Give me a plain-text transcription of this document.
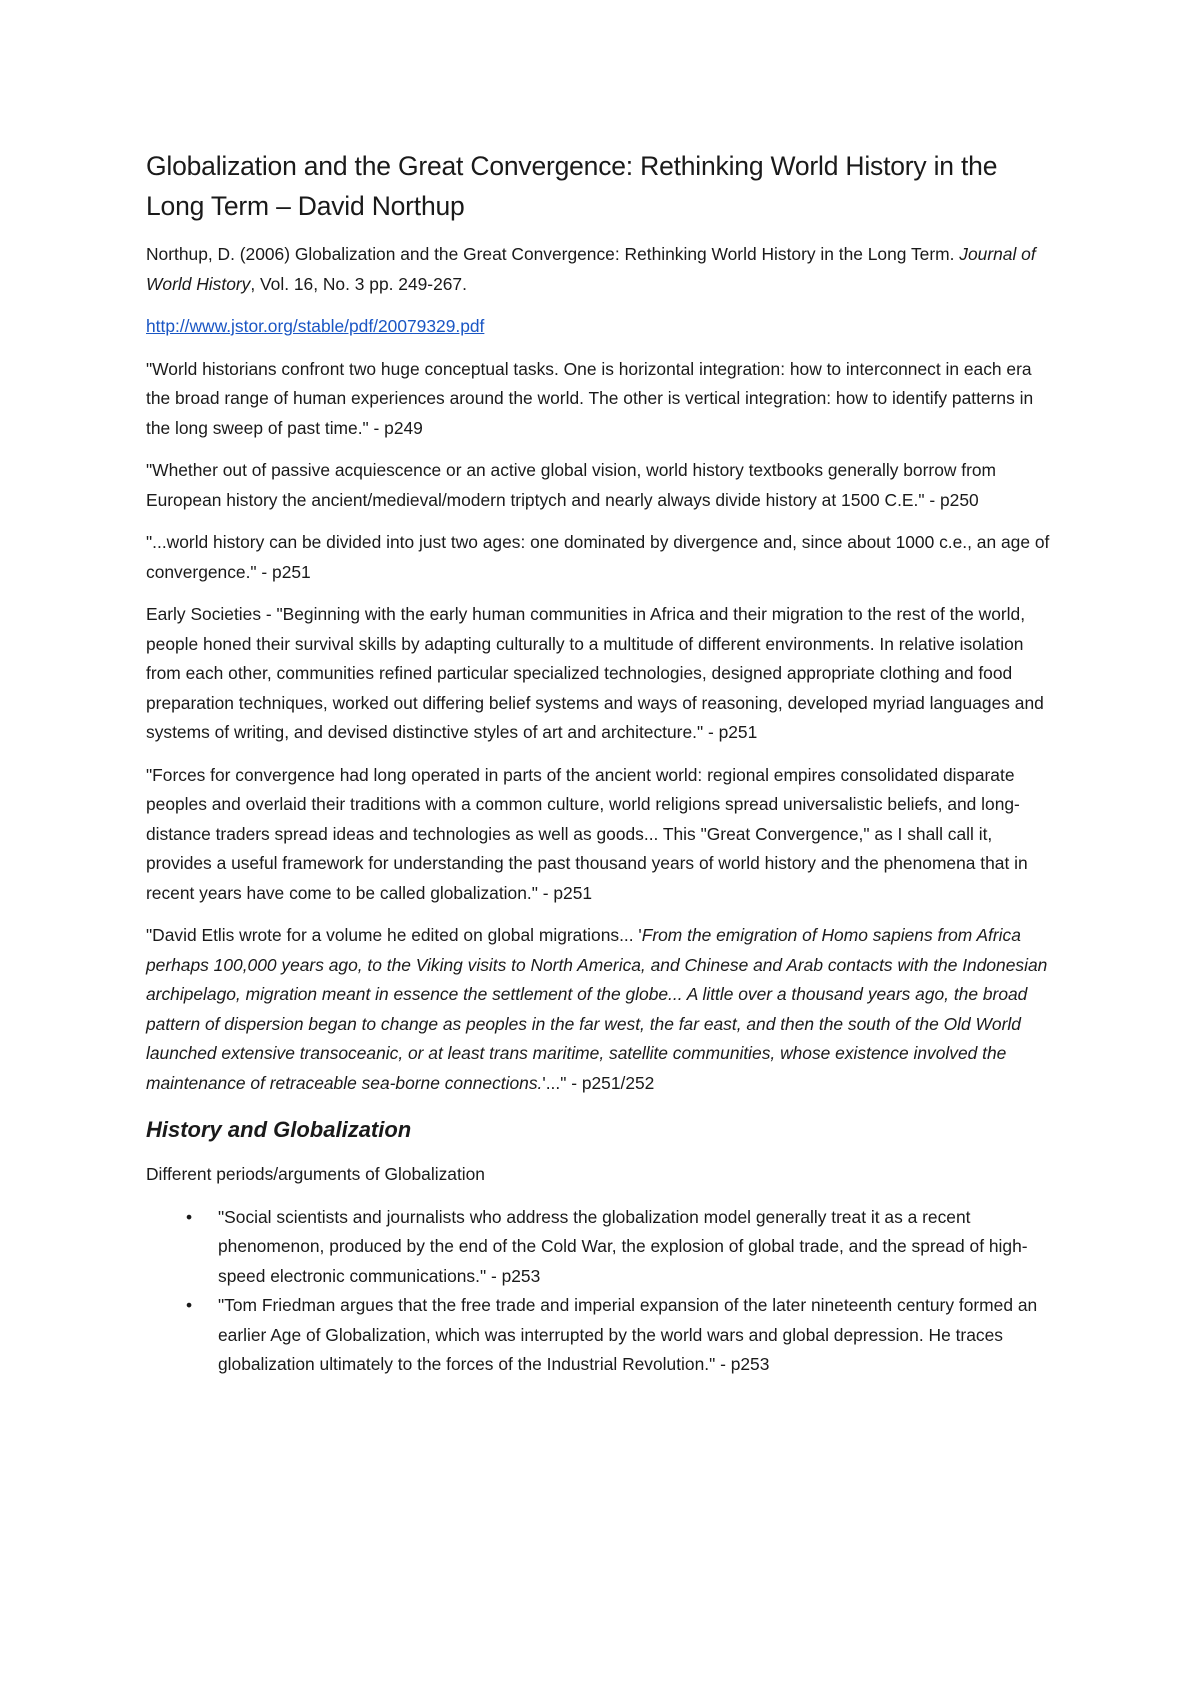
Globalization and the Great Convergence: Rethinking World History in the Long Term – David Northup

Northup, D. (2006) Globalization and the Great Convergence: Rethinking World History in the Long Term. Journal of World History, Vol. 16, No. 3 pp. 249-267.

http://www.jstor.org/stable/pdf/20079329.pdf

"World historians confront two huge conceptual tasks. One is horizontal integration: how to interconnect in each era the broad range of human experiences around the world. The other is vertical integration: how to identify patterns in the long sweep of past time." - p249

"Whether out of passive acquiescence or an active global vision, world history textbooks generally borrow from European history the ancient/medieval/modern triptych and nearly always divide history at 1500 C.E." - p250

"...world history can be divided into just two ages: one dominated by divergence and, since about 1000 c.e., an age of convergence." - p251

Early Societies - "Beginning with the early human communities in Africa and their migration to the rest of the world, people honed their survival skills by adapting culturally to a multitude of different environments. In relative isolation from each other, communities refined particular specialized technologies, designed appropriate clothing and food preparation techniques, worked out differing belief systems and ways of reasoning, developed myriad languages and systems of writing, and devised distinctive styles of art and architecture." - p251

"Forces for convergence had long operated in parts of the ancient world: regional empires consolidated disparate peoples and overlaid their traditions with a common culture, world religions spread universalistic beliefs, and long-distance traders spread ideas and technologies as well as goods... This "Great Convergence," as I shall call it, provides a useful framework for understanding the past thousand years of world history and the phenomena that in recent years have come to be called globalization." - p251

"David Etlis wrote for a volume he edited on global migrations... 'From the emigration of Homo sapiens from Africa perhaps 100,000 years ago, to the Viking visits to North America, and Chinese and Arab contacts with the Indonesian archipelago, migration meant in essence the settlement of the globe... A little over a thousand years ago, the broad pattern of dispersion began to change as peoples in the far west, the far east, and then the south of the Old World launched extensive transoceanic, or at least trans maritime, satellite communities, whose existence involved the maintenance of retraceable sea-borne connections.'..." - p251/252

History and Globalization

Different periods/arguments of Globalization

• "Social scientists and journalists who address the globalization model generally treat it as a recent phenomenon, produced by the end of the Cold War, the explosion of global trade, and the spread of high-speed electronic communications." - p253
• "Tom Friedman argues that the free trade and imperial expansion of the later nineteenth century formed an earlier Age of Globalization, which was interrupted by the world wars and global depression. He traces globalization ultimately to the forces of the Industrial Revolution." - p253
